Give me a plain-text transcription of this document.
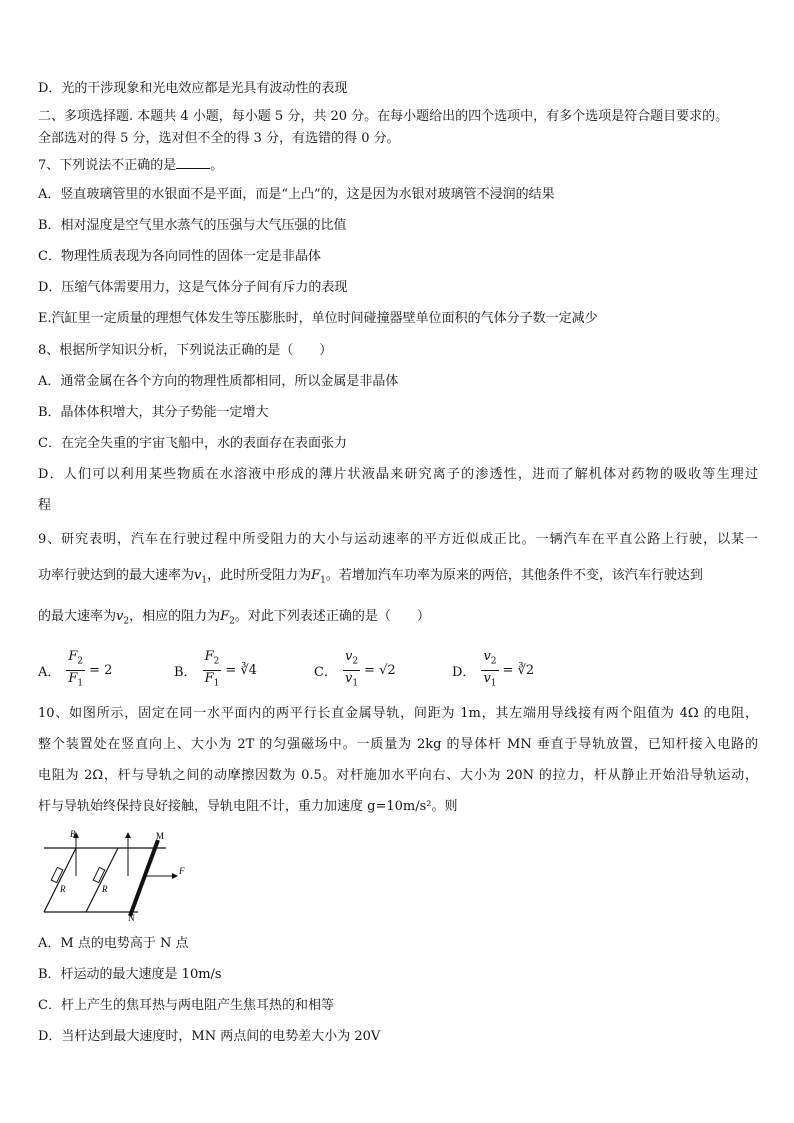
D．光的干涉现象和光电效应都是光具有波动性的表现
二、多项选择题. 本题共 4 小题，每小题 5 分，共 20 分。在每小题给出的四个选项中，有多个选项是符合题目要求的。
全部选对的得 5 分，选对但不全的得 3 分，有选错的得 0 分。
7、下列说法不正确的是	。
A．竖直玻璃管里的水银面不是平面，而是“上凸”的，这是因为水银对玻璃管不浸润的结果
B．相对湿度是空气里水蒸气的压强与大气压强的比值
C．物理性质表现为各向同性的固体一定是非晶体
D．压缩气体需要用力，这是气体分子间有斥力的表现
E.汽缸里一定质量的理想气体发生等压膨胀时，单位时间碰撞器壁单位面积的气体分子数一定减少
8、根据所学知识分析，下列说法正确的是（　　）
A．通常金属在各个方向的物理性质都相同，所以金属是非晶体
B．晶体体积增大，其分子势能一定增大
C．在完全失重的宇宙飞船中，水的表面存在表面张力
D．人们可以利用某些物质在水溶液中形成的薄片状液晶来研究离子的渗透性，进而了解机体对药物的吸收等生理过
程
9、研究表明，汽车在行驶过程中所受阻力的大小与运动速率的平方近似成正比。一辆汽车在平直公路上行驶，以某一
功率行驶达到的最大速率为$v_1$，此时所受阻力为$F_1$。若增加汽车功率为原来的两倍，其他条件不变，该汽车行驶达到
的最大速率为$v_2$，相应的阻力为$F_2$。对此下列表述正确的是（　　）
A． $\frac{F_2}{F_1} = 2$	B． $\frac{F_2}{F_1}$ = ∛4	C． $\frac{v_2}{v_1} = √2$	D． $\frac{v_2}{v_1}$ = ∛2
10、如图所示，固定在同一水平面内的两平行长直金属导轨，间距为 1m，其左端用导线接有两个阻值为 4Ω 的电阻，
整个装置处在竖直向上、大小为 2T 的匀强磁场中。一质量为 2kg 的导体杆 MN 垂直于导轨放置，已知杆接入电路的
电阻为 2Ω，杆与导轨之间的动摩擦因数为 0.5。对杆施加水平向右、大小为 20N 的拉力，杆从静止开始沿导轨运动，
杆与导轨始终保持良好接触，导轨电阻不计，重力加速度 g=10m/s²。则
R	R
B	M
N
F
A．M 点的电势高于 N 点
B．杆运动的最大速度是 10m/s
C．杆上产生的焦耳热与两电阻产生焦耳热的和相等
D．当杆达到最大速度时，MN 两点间的电势差大小为 20V
